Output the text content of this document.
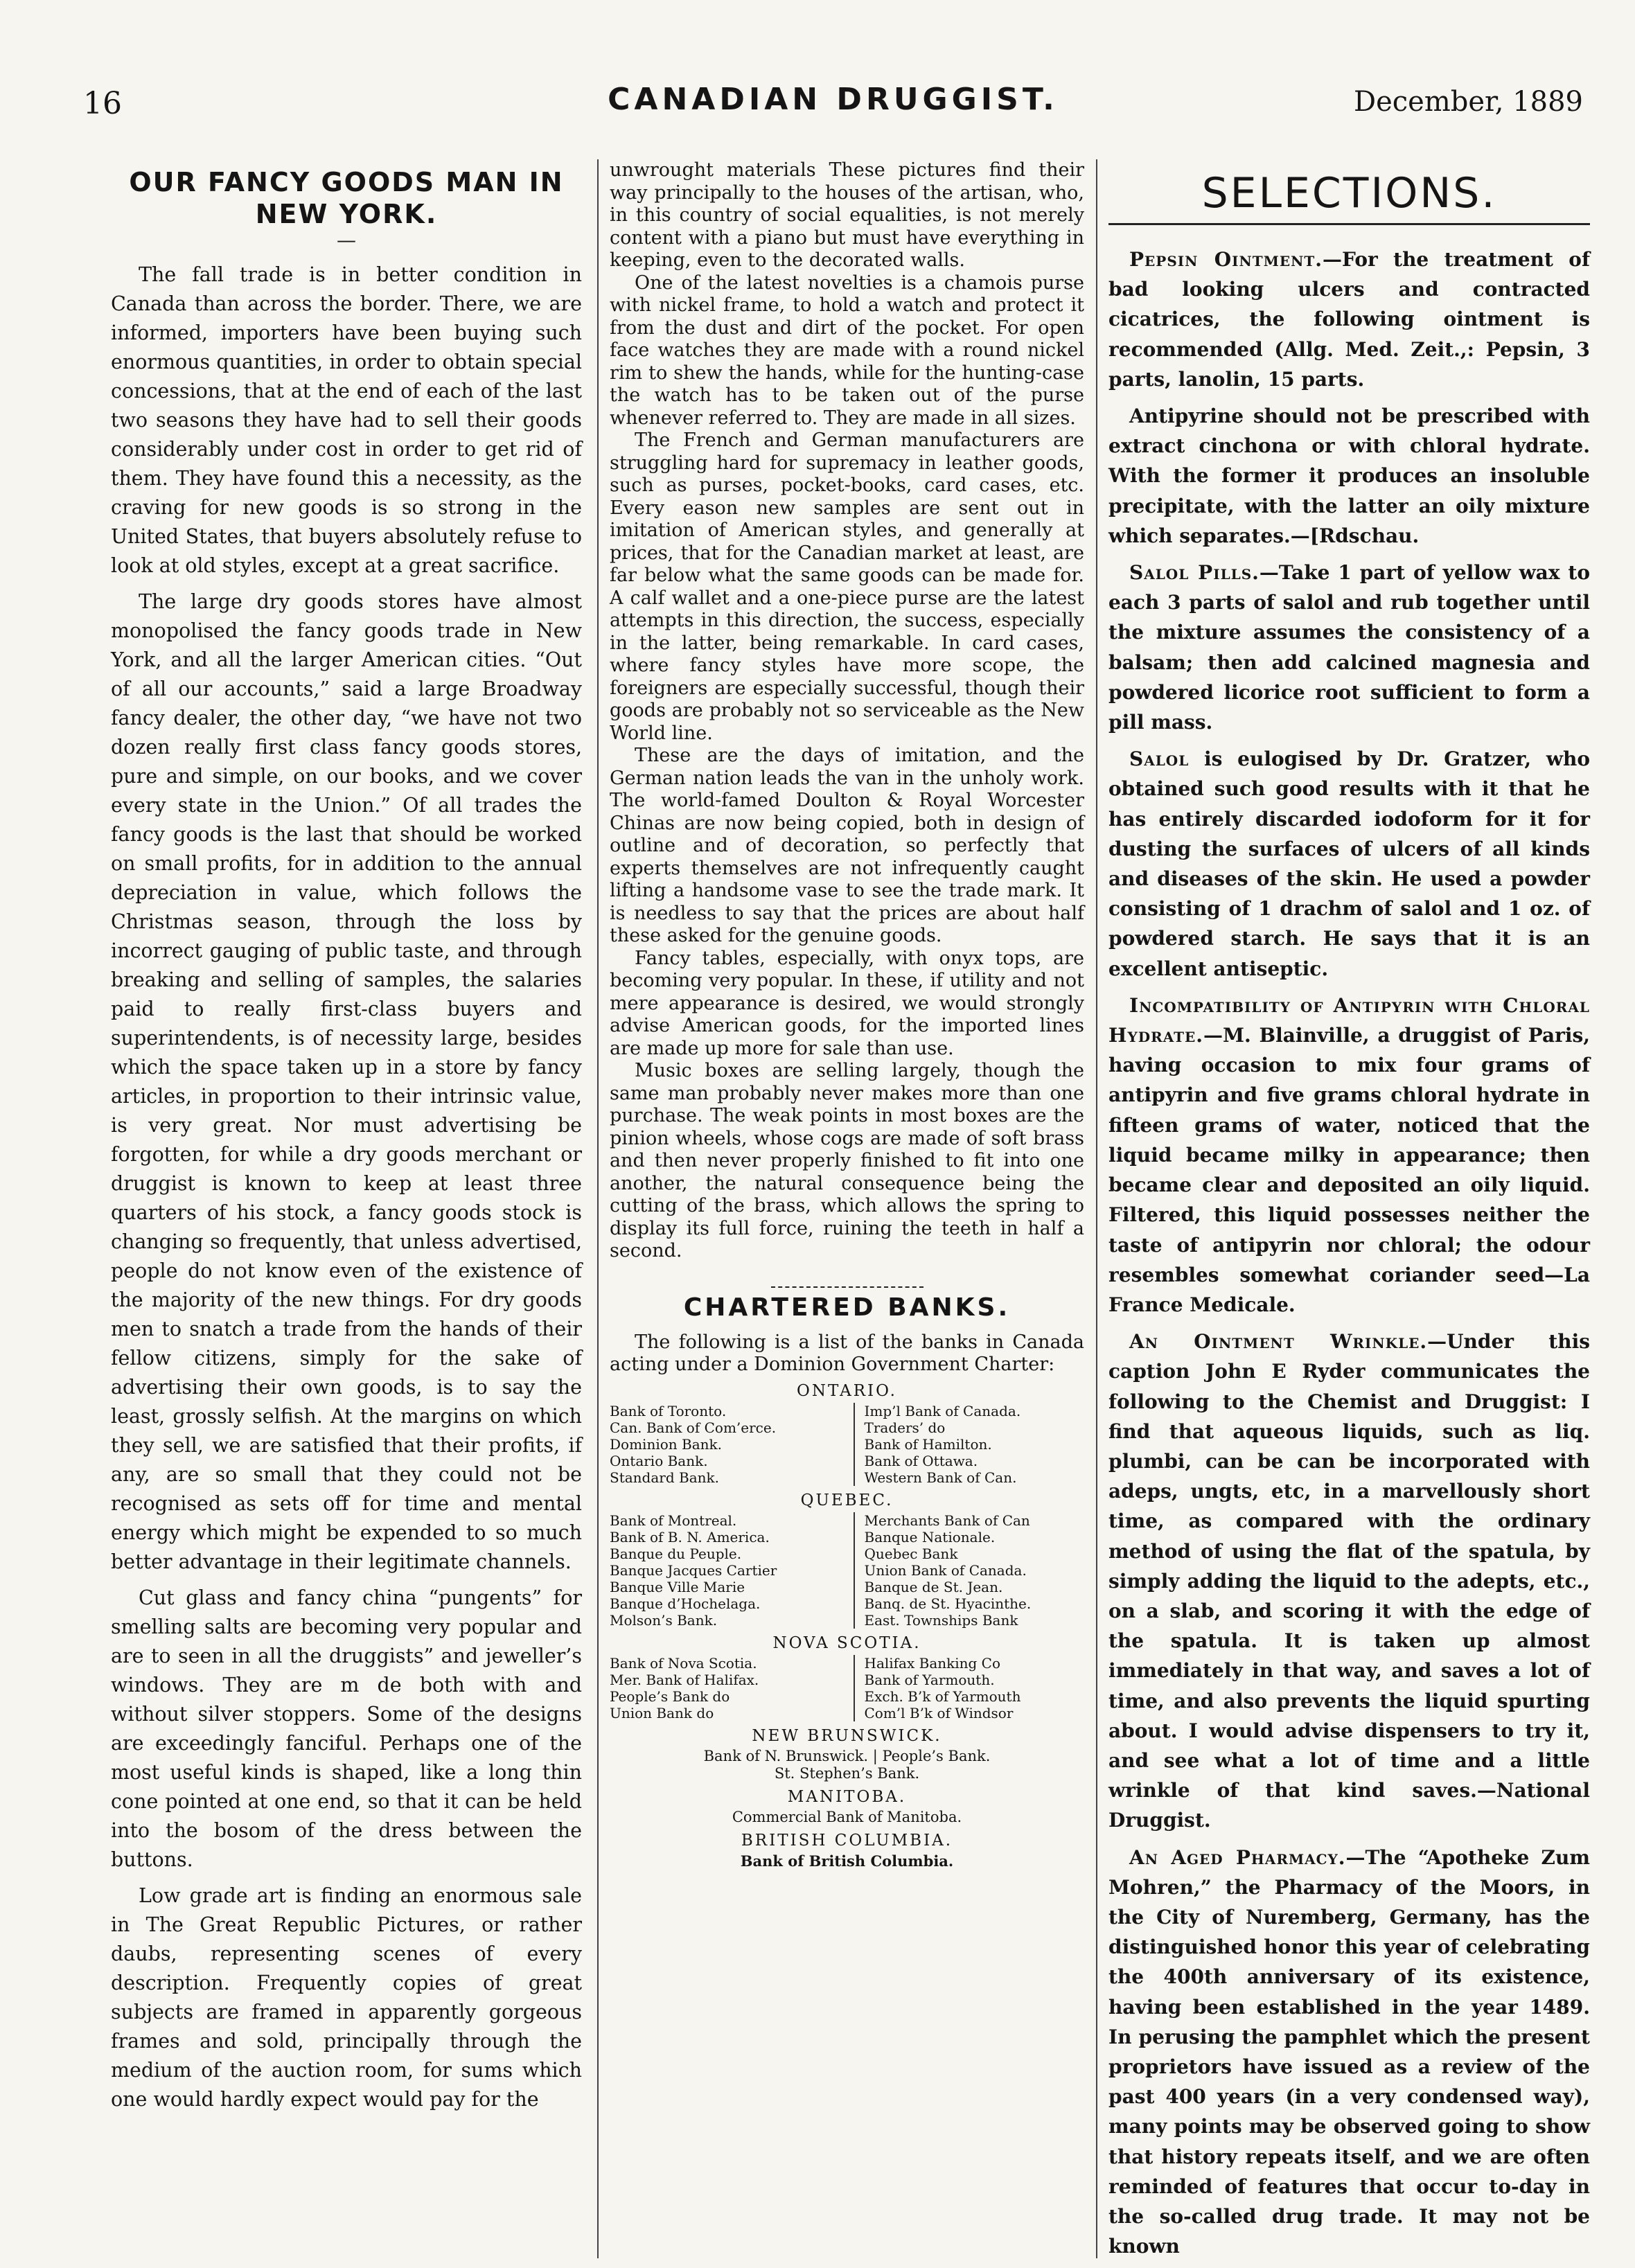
16	CANADIAN DRUGGIST.	December, 1889
OUR FANCY GOODS MAN IN NEW YORK.
—

The fall trade is in better condition in Canada than across the border. There, we are informed, importers have been buying such enormous quantities, in order to obtain special concessions, that at the end of each of the last two seasons they have had to sell their goods considerably under cost in order to get rid of them. They have found this a necessity, as the craving for new goods is so strong in the United States, that buyers absolutely refuse to look at old styles, except at a great sacrifice.

The large dry goods stores have almost monopolised the fancy goods trade in New York, and all the larger American cities. “Out of all our accounts,” said a large Broadway fancy dealer, the other day, “we have not two dozen really first class fancy goods stores, pure and simple, on our books, and we cover every state in the Union.” Of all trades the fancy goods is the last that should be worked on small profits, for in addition to the annual depreciation in value, which follows the Christmas season, through the loss by incorrect gauging of public taste, and through breaking and selling of samples, the salaries paid to really first-class buyers and superintendents, is of necessity large, besides which the space taken up in a store by fancy articles, in proportion to their intrinsic value, is very great. Nor must advertising be forgotten, for while a dry goods merchant or druggist is known to keep at least three quarters of his stock, a fancy goods stock is changing so frequently, that unless advertised, people do not know even of the existence of the majority of the new things. For dry goods men to snatch a trade from the hands of their fellow citizens, simply for the sake of advertising their own goods, is to say the least, grossly selfish. At the margins on which they sell, we are satisfied that their profits, if any, are so small that they could not be recognised as sets off for time and mental energy which might be expended to so much better advantage in their legitimate channels.

Cut glass and fancy china “pungents” for smelling salts are becoming very popular and are to seen in all the druggists” and jeweller’s windows. They are m de both with and without silver stoppers. Some of the designs are exceedingly fanciful. Perhaps one of the most useful kinds is shaped, like a long thin cone pointed at one end, so that it can be held into the bosom of the dress between the buttons.

Low grade art is finding an enormous sale in The Great Republic Pictures, or rather daubs, representing scenes of every description. Frequently copies of great subjects are framed in apparently gorgeous frames and sold, principally through the medium of the auction room, for sums which one would hardly expect would pay for the

unwrought materials These pictures find their way principally to the houses of the artisan, who, in this country of social equalities, is not merely content with a piano but must have everything in keeping, even to the decorated walls.

One of the latest novelties is a chamois purse with nickel frame, to hold a watch and protect it from the dust and dirt of the pocket. For open face watches they are made with a round nickel rim to shew the hands, while for the hunting-case the watch has to be taken out of the purse whenever referred to. They are made in all sizes.

The French and German manufacturers are struggling hard for supremacy in leather goods, such as purses, pocket-books, card cases, etc. Every eason new samples are sent out in imitation of American styles, and generally at prices, that for the Canadian market at least, are far below what the same goods can be made for. A calf wallet and a one-piece purse are the latest attempts in this direction, the success, especially in the latter, being remarkable. In card cases, where fancy styles have more scope, the foreigners are especially successful, though their goods are probably not so serviceable as the New World line.

These are the days of imitation, and the German nation leads the van in the unholy work. The world-famed Doulton & Royal Worcester Chinas are now being copied, both in design of outline and of decoration, so perfectly that experts themselves are not infrequently caught lifting a handsome vase to see the trade mark. It is needless to say that the prices are about half these asked for the genuine goods.

Fancy tables, especially, with onyx tops, are becoming very popular. In these, if utility and not mere appearance is desired, we would strongly advise American goods, for the imported lines are made up more for sale than use.

Music boxes are selling largely, though the same man probably never makes more than one purchase. The weak points in most boxes are the pinion wheels, whose cogs are made of soft brass and then never properly finished to fit into one another, the natural consequence being the cutting of the brass, which allows the spring to display its full force, ruining the teeth in half a second.

CHARTERED BANKS.

The following is a list of the banks in Canada acting under a Dominion Government Charter:

ONTARIO.
Bank of Toronto.
Can. Bank of Com’erce.
Dominion Bank.
Ontario Bank.
Standard Bank.
Imp’l Bank of Canada.
Traders’ do
Bank of Hamilton.
Bank of Ottawa.
Western Bank of Can.
QUEBEC.
Bank of Montreal.
Bank of B. N. America.
Banque du Peuple.
Banque Jacques Cartier
Banque Ville Marie
Banque d’Hochelaga.
Molson’s Bank.
Merchants Bank of Can
Banque Nationale.
Quebec Bank
Union Bank of Canada.
Banque de St. Jean.
Banq. de St. Hyacinthe.
East. Townships Bank
NOVA SCOTIA.
Bank of Nova Scotia.
Mer. Bank of Halifax.
People’s Bank do
Union Bank do
Halifax Banking Co
Bank of Yarmouth.
Exch. B’k of Yarmouth
Com’l B’k of Windsor
NEW BRUNSWICK.
Bank of N. Brunswick. | People’s Bank.
St. Stephen’s Bank.
MANITOBA.
Commercial Bank of Manitoba.
BRITISH COLUMBIA.
Bank of British Columbia.
SELECTIONS.

Pepsin Ointment.—For the treatment of bad looking ulcers and contracted cicatrices, the following ointment is recommended (Allg. Med. Zeit.,: Pepsin, 3 parts, lanolin, 15 parts.

Antipyrine should not be prescribed with extract cinchona or with chloral hydrate. With the former it produces an insoluble precipitate, with the latter an oily mixture which separates.—[Rdschau.

Salol Pills.—Take 1 part of yellow wax to each 3 parts of salol and rub together until the mixture assumes the consistency of a balsam; then add calcined magnesia and powdered licorice root sufficient to form a pill mass.

Salol is eulogised by Dr. Gratzer, who obtained such good results with it that he has entirely discarded iodoform for it for dusting the surfaces of ulcers of all kinds and diseases of the skin. He used a powder consisting of 1 drachm of salol and 1 oz. of powdered starch. He says that it is an excellent antiseptic.

Incompatibility of Antipyrin with Chloral Hydrate.—M. Blainville, a druggist of Paris, having occasion to mix four grams of antipyrin and five grams chloral hydrate in fifteen grams of water, noticed that the liquid became milky in appearance; then became clear and deposited an oily liquid. Filtered, this liquid possesses neither the taste of antipyrin nor chloral; the odour resembles somewhat coriander seed—La France Medicale.

An Ointment Wrinkle.—Under this caption John E Ryder communicates the following to the Chemist and Druggist: I find that aqueous liquids, such as liq. plumbi, can be can be incorporated with adeps, ungts, etc, in a marvellously short time, as compared with the ordinary method of using the flat of the spatula, by simply adding the liquid to the adepts, etc., on a slab, and scoring it with the edge of the spatula. It is taken up almost immediately in that way, and saves a lot of time, and also prevents the liquid spurting about. I would advise dispensers to try it, and see what a lot of time and a little wrinkle of that kind saves.—National Druggist.

An Aged Pharmacy.—The “Apotheke Zum Mohren,” the Pharmacy of the Moors, in the City of Nuremberg, Germany, has the distinguished honor this year of celebrating the 400th anniversary of its existence, having been established in the year 1489. In perusing the pamphlet which the present proprietors have issued as a review of the past 400 years (in a very condensed way), many points may be observed going to show that history repeats itself, and we are often reminded of features that occur to-day in the so-called drug trade. It may not be known
